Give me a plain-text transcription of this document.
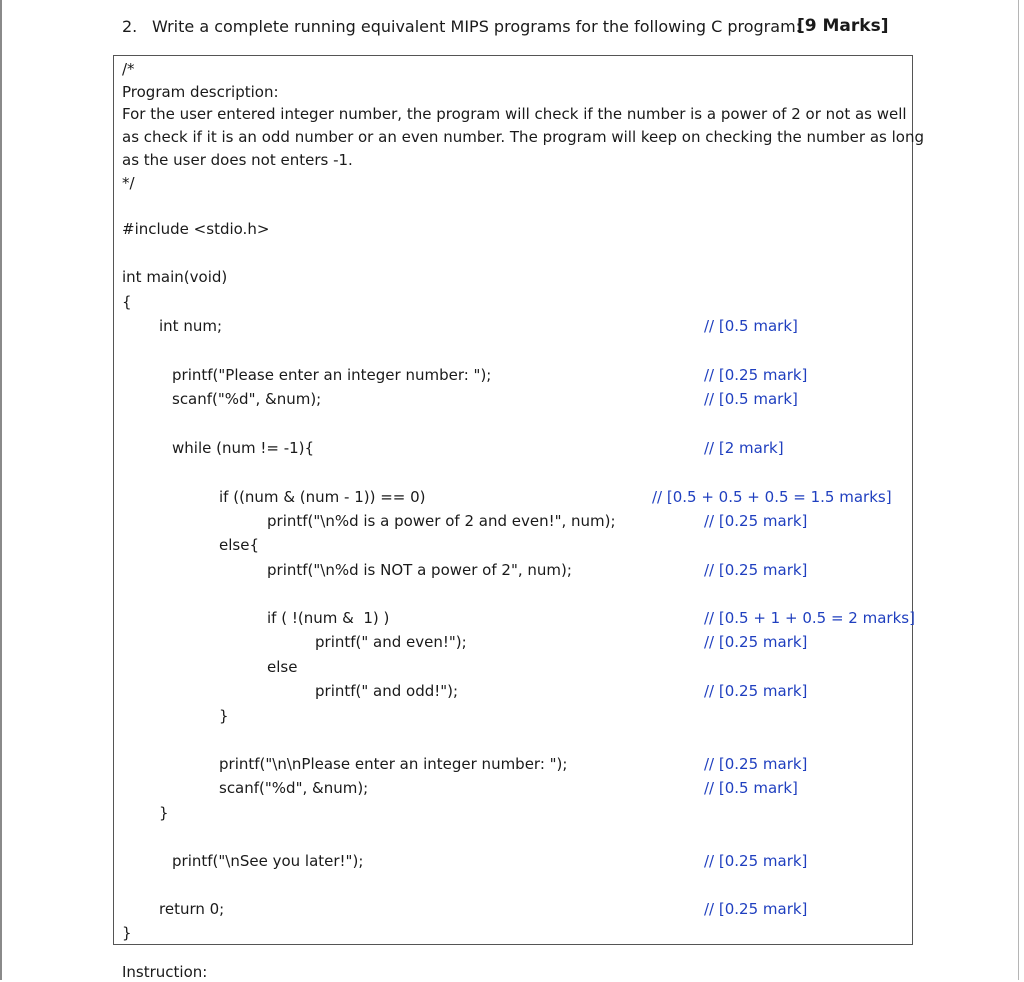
2. Write a complete running equivalent MIPS programs for the following C program:
[9 Marks]
/*
Program description:
For the user entered integer number, the program will check if the number is a power of 2 or not as well
as check if it is an odd number or an even number. The program will keep on checking the number as long
as the user does not enters -1.
*/
#include <stdio.h>
int main(void)
{
int num;	// [0.5 mark]
printf("Please enter an integer number: ");	// [0.25 mark]
scanf("%d", &num);	// [0.5 mark]
while (num != -1){	// [2 mark]
if ((num & (num - 1)) == 0)	// [0.5 + 0.5 + 0.5 = 1.5 marks]
printf("\n%d is a power of 2 and even!", num);	// [0.25 mark]
else{
printf("\n%d is NOT a power of 2", num);	// [0.25 mark]
if ( !(num &  1) )	// [0.5 + 1 + 0.5 = 2 marks]
printf(" and even!");	// [0.25 mark]
else
printf(" and odd!");	// [0.25 mark]
}
printf("\n\nPlease enter an integer number: ");	// [0.25 mark]
scanf("%d", &num);	// [0.5 mark]
}
printf("\nSee you later!");	// [0.25 mark]
return 0;	// [0.25 mark]
}
Instruction:
